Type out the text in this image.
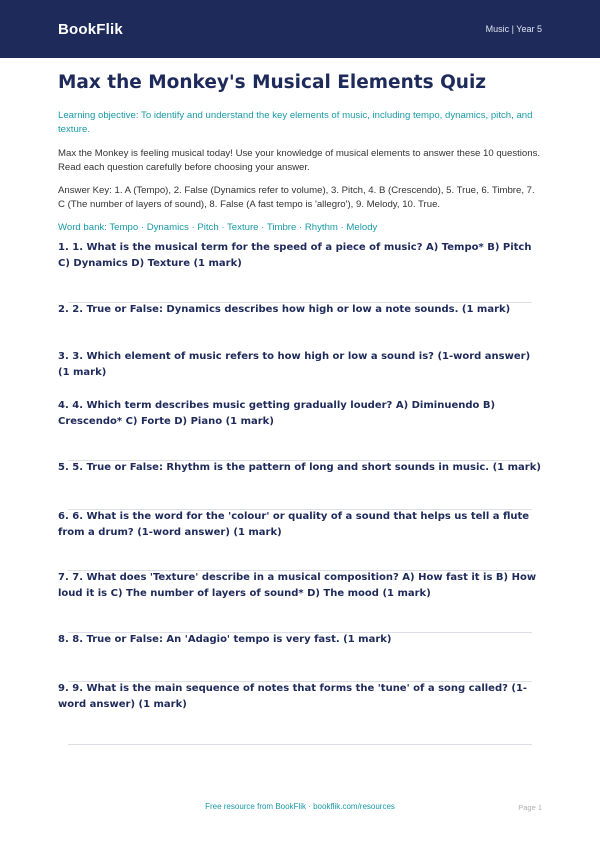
BookFlik	Music | Year 5
Max the Monkey's Musical Elements Quiz
Learning objective: To identify and understand the key elements of music, including tempo, dynamics, pitch, and texture.
Max the Monkey is feeling musical today! Use your knowledge of musical elements to answer these 10 questions. Read each question carefully before choosing your answer.
Answer Key: 1. A (Tempo), 2. False (Dynamics refer to volume), 3. Pitch, 4. B (Crescendo), 5. True, 6. Timbre, 7. C (The number of layers of sound), 8. False (A fast tempo is 'allegro'), 9. Melody, 10. True.
Word bank: Tempo · Dynamics · Pitch · Texture · Timbre · Rhythm · Melody
1. 1. What is the musical term for the speed of a piece of music? A) Tempo* B) Pitch C) Dynamics D) Texture (1 mark)
2. 2. True or False: Dynamics describes how high or low a note sounds. (1 mark)
3. 3. Which element of music refers to how high or low a sound is? (1-word answer) (1 mark)
4. 4. Which term describes music getting gradually louder? A) Diminuendo B) Crescendo* C) Forte D) Piano (1 mark)
5. 5. True or False: Rhythm is the pattern of long and short sounds in music. (1 mark)
6. 6. What is the word for the 'colour' or quality of a sound that helps us tell a flute from a drum? (1-word answer) (1 mark)
7. 7. What does 'Texture' describe in a musical composition? A) How fast it is B) How loud it is C) The number of layers of sound* D) The mood (1 mark)
8. 8. True or False: An 'Adagio' tempo is very fast. (1 mark)
9. 9. What is the main sequence of notes that forms the 'tune' of a song called? (1-word answer) (1 mark)
Free resource from BookFlik · bookflik.com/resources	Page 1
